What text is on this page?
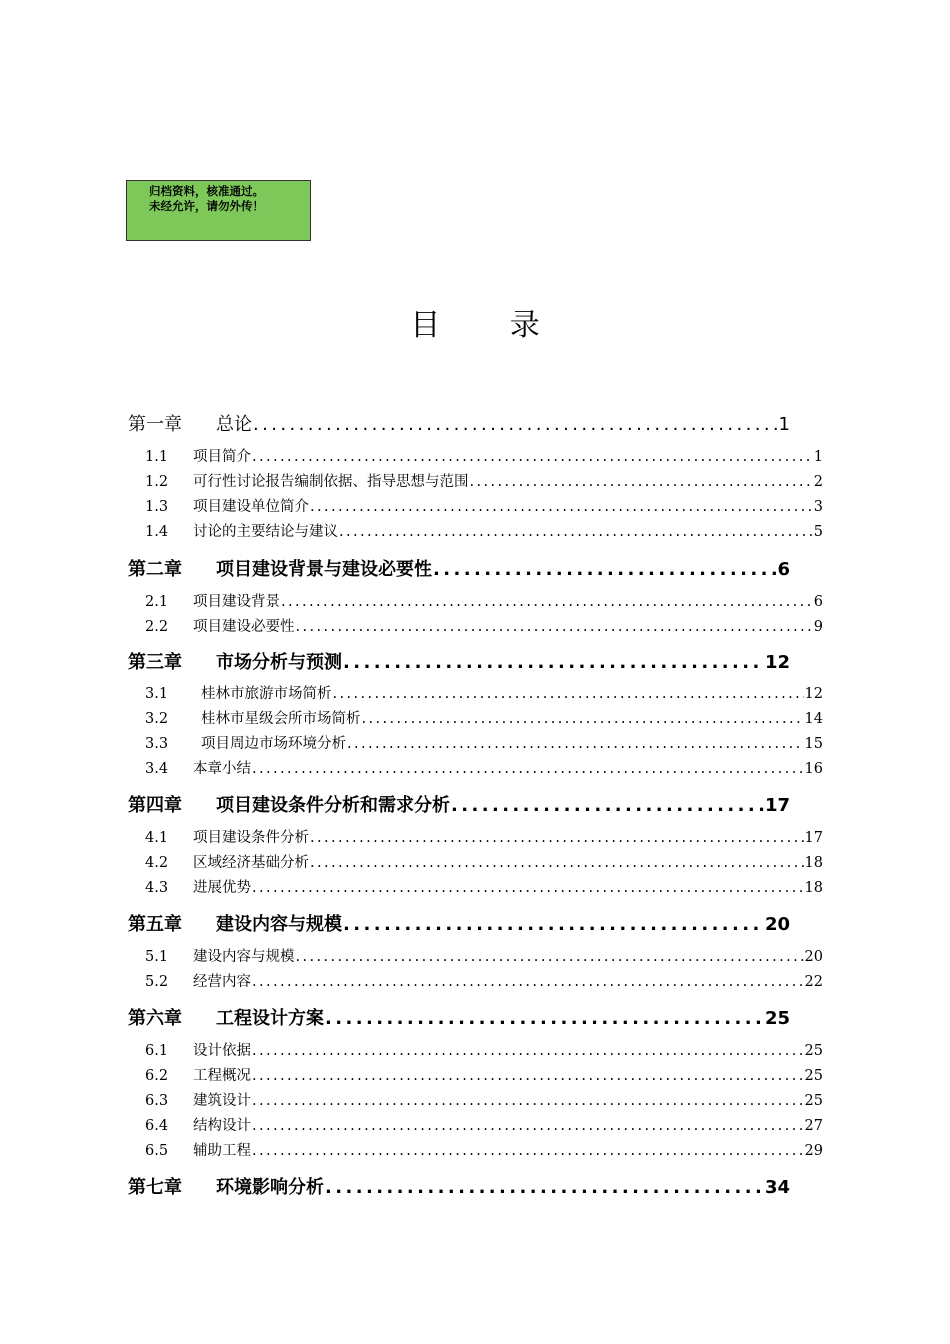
归档资料，核准通过。
未经允许，请勿外传！
目 录
第一章	总论 .....	1
1.1	项目简介 .....	1
1.2	可行性讨论报告编制依据、指导思想与范围 .....	2
1.3	项目建设单位简介 .....	3
1.4	讨论的主要结论与建议 .....	5
第二章	项目建设背景与建设必要性 .....	6
2.1	项目建设背景 .....	6
2.2	项目建设必要性 .....	9
第三章	市场分析与预测 .....	12
3.1	桂林市旅游市场简析 .....	12
3.2	桂林市星级会所市场简析 .....	14
3.3	项目周边市场环境分析 .....	15
3.4	本章小结 .....	16
第四章	项目建设条件分析和需求分析 .....	17
4.1	项目建设条件分析 .....	17
4.2	区域经济基础分析 .....	18
4.3	进展优势 .....	18
第五章	建设内容与规模 .....	20
5.1	建设内容与规模 .....	20
5.2	经营内容 .....	22
第六章	工程设计方案 .....	25
6.1	设计依据 .....	25
6.2	工程概况 .....	25
6.3	建筑设计 .....	25
6.4	结构设计 .....	27
6.5	辅助工程 .....	29
第七章	环境影响分析 .....	34
